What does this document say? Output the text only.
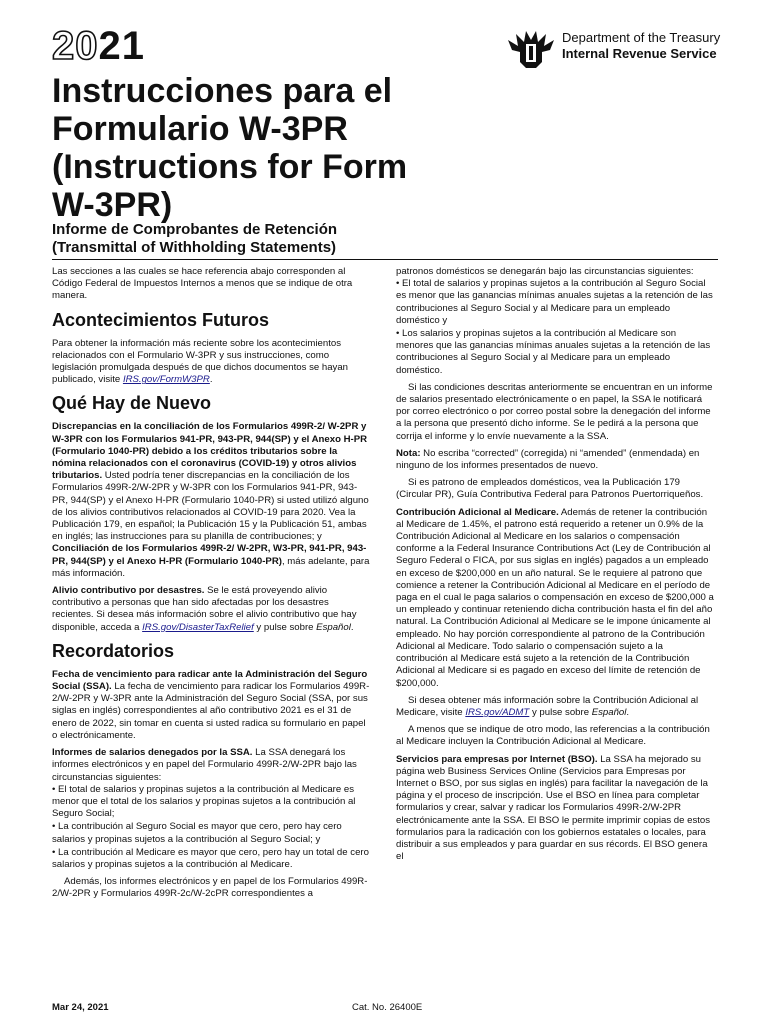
2021	Department of the Treasury
Internal Revenue Service
Instrucciones para el Formulario W-3PR (Instructions for Form W-3PR)
Informe de Comprobantes de Retención
(Transmittal of Withholding Statements)

Las secciones a las cuales se hace referencia abajo corresponden al Código Federal de Impuestos Internos a menos que se indique de otra manera.

Acontecimientos Futuros

Para obtener la información más reciente sobre los acontecimientos relacionados con el Formulario W-3PR y sus instrucciones, como legislación promulgada después de que dichos documentos se hayan publicado, visite IRS.gov/FormW3PR.

Qué Hay de Nuevo

Discrepancias en la conciliación de los Formularios 499R-2/ W-2PR y W-3PR con los Formularios 941-PR, 943-PR, 944(SP) y el Anexo H-PR (Formulario 1040-PR) debido a los créditos tributarios sobre la nómina relacionados con el coronavirus (COVID-19) y otros alivios tributarios. Usted podría tener discrepancias en la conciliación de los Formularios 499R-2/W-2PR y W-3PR con los Formularios 941-PR, 943-PR, 944(SP) y el Anexo H-PR (Formulario 1040-PR) si usted utilizó alguno de los alivios contributivos relacionados al COVID-19 para 2020. Vea la Publicación 179, en español; la Publicación 15 y la Publicación 51, ambas en inglés; las instrucciones para su planilla de contribuciones; y Conciliación de los Formularios 499R-2/ W-2PR, W3-PR, 941-PR, 943-PR, 944(SP) y el Anexo H-PR (Formulario 1040-PR), más adelante, para más información.

Alivio contributivo por desastres. Se le está proveyendo alivio contributivo a personas que han sido afectadas por los desastres recientes. Si desea más información sobre el alivio contributivo que hay disponible, acceda a IRS.gov/DisasterTaxRelief y pulse sobre Español.

Recordatorios

Fecha de vencimiento para radicar ante la Administración del Seguro Social (SSA). La fecha de vencimiento para radicar los Formularios 499R-2/W-2PR y W-3PR ante la Administración del Seguro Social (SSA, por sus siglas en inglés) correspondientes al año contributivo 2021 es el 31 de enero de 2022, sin tomar en cuenta si usted radica su formulario en papel o electrónicamente.

Informes de salarios denegados por la SSA. La SSA denegará los informes electrónicos y en papel del Formulario 499R-2/W-2PR bajo las circunstancias siguientes:
• El total de salarios y propinas sujetos a la contribución al Medicare es menor que el total de los salarios y propinas sujetos a la contribución al Seguro Social;
• La contribución al Seguro Social es mayor que cero, pero hay cero salarios y propinas sujetos a la contribución al Seguro Social; y
• La contribución al Medicare es mayor que cero, pero hay un total de cero salarios y propinas sujetos a la contribución al Medicare.

Además, los informes electrónicos y en papel de los Formularios 499R-2/W-2PR y Formularios 499R-2c/W-2cPR correspondientes a

patronos domésticos se denegarán bajo las circunstancias siguientes:
• El total de salarios y propinas sujetos a la contribución al Seguro Social es menor que las ganancias mínimas anuales sujetas a la retención de las contribuciones al Seguro Social y al Medicare para un empleado doméstico y
• Los salarios y propinas sujetos a la contribución al Medicare son menores que las ganancias mínimas anuales sujetas a la retención de las contribuciones al Seguro Social y al Medicare para un empleado doméstico.

Si las condiciones descritas anteriormente se encuentran en un informe de salarios presentado electrónicamente o en papel, la SSA le notificará por correo electrónico o por correo postal sobre la denegación del informe a la persona que presentó dicho informe. Se le pedirá a la persona que corrija el informe y lo envíe nuevamente a la SSA.

Nota: No escriba “corrected” (corregida) ni “amended” (enmendada) en ninguno de los informes presentados de nuevo.

Si es patrono de empleados domésticos, vea la Publicación 179 (Circular PR), Guía Contributiva Federal para Patronos Puertorriqueños.

Contribución Adicional al Medicare. Además de retener la contribución al Medicare de 1.45%, el patrono está requerido a retener un 0.9% de la Contribución Adicional al Medicare en los salarios o compensación conforme a la Federal Insurance Contributions Act (Ley de Contribución al Seguro Federal o FICA, por sus siglas en inglés) pagados a un empleado en exceso de $200,000 en un año natural. Se le requiere al patrono que comience a retener la Contribución Adicional al Medicare en el período de paga en el cual le paga salarios o compensación en exceso de $200,000 a un empleado y continuar reteniendo dicha contribución hasta el fin del año natural. La Contribución Adicional al Medicare se le impone únicamente al empleado. No hay porción correspondiente al patrono de la Contribución Adicional al Medicare. Todo salario o compensación sujeto a la contribución al Medicare está sujeto a la retención de la Contribución Adicional al Medicare si es pagado en exceso del límite de retención de $200,000.

Si desea obtener más información sobre la Contribución Adicional al Medicare, visite IRS.gov/ADMT y pulse sobre Español.

A menos que se indique de otro modo, las referencias a la contribución al Medicare incluyen la Contribución Adicional al Medicare.

Servicios para empresas por Internet (BSO). La SSA ha mejorado su página web Business Services Online (Servicios para Empresas por Internet o BSO, por sus siglas en inglés) para facilitar la navegación de la página y el proceso de inscripción. Use el BSO en línea para completar formularios y crear, salvar y radicar los Formularios 499R-2/W-2PR electrónicamente ante la SSA. El BSO le permite imprimir copias de estos formularios para la radicación con los gobiernos estatales o locales, para distribuir a sus empleados y para guardar en sus récords. El BSO genera el

Mar 24, 2021	Cat. No. 26400E
